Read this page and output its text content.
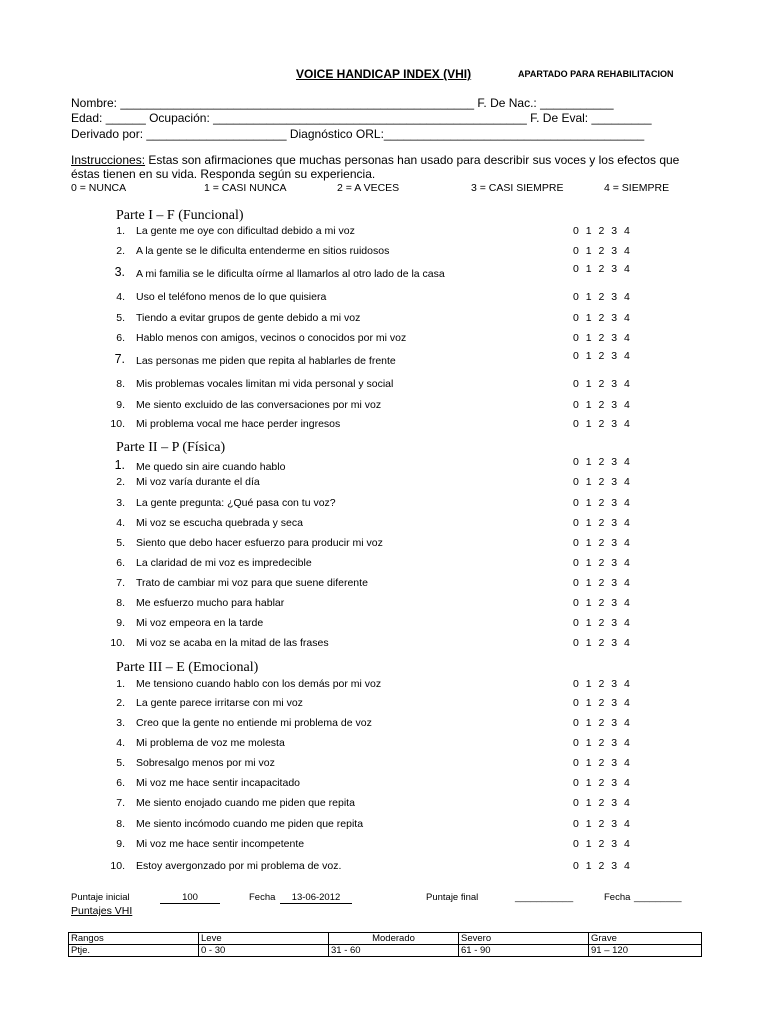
VOICE HANDICAP INDEX (VHI)	APARTADO PARA REHABILITACION
Nombre: _____________________________________________________ F. De Nac.: ___________
Edad: ______ Ocupación: _______________________________________________ F. De Eval: _________
Derivado por: _____________________ Diagnóstico ORL:_______________________________________
Instrucciones: Estas son afirmaciones que muchas personas han usado para describir sus voces y los efectos que éstas tienen en su vida. Responda según su experiencia.
0 = NUNCA	1 = CASI NUNCA	2 = A VECES	3 = CASI SIEMPRE	4 = SIEMPRE
Parte I – F (Funcional)
1. La gente me oye con dificultad debido a mi voz	0 1 2 3 4
2. A la gente se le dificulta entenderme en sitios ruidosos	0 1 2 3 4
3. A mi familia se le dificulta oírme al llamarlos al otro lado de la casa	0 1 2 3 4
4. Uso el teléfono menos de lo que quisiera	0 1 2 3 4
5. Tiendo a evitar grupos de gente debido a mi voz	0 1 2 3 4
6. Hablo menos con amigos, vecinos o conocidos por mi voz	0 1 2 3 4
7. Las personas me piden que repita al hablarles de frente	0 1 2 3 4
8. Mis problemas vocales limitan mi vida personal y social	0 1 2 3 4
9. Me siento excluido de las conversaciones por mi voz	0 1 2 3 4
10. Mi problema vocal me hace perder ingresos	0 1 2 3 4
Parte II – P (Física)
1. Me quedo sin aire cuando hablo	0 1 2 3 4
2. Mi voz varía durante el día	0 1 2 3 4
3. La gente pregunta: ¿Qué pasa con tu voz?	0 1 2 3 4
4. Mi voz se escucha quebrada y seca	0 1 2 3 4
5. Siento que debo hacer esfuerzo para producir mi voz	0 1 2 3 4
6. La claridad de mi voz es impredecible	0 1 2 3 4
7. Trato de cambiar mi voz para que suene diferente	0 1 2 3 4
8. Me esfuerzo mucho para hablar	0 1 2 3 4
9. Mi voz empeora en la tarde	0 1 2 3 4
10. Mi voz se acaba en la mitad de las frases	0 1 2 3 4
Parte III – E (Emocional)
1. Me tensiono cuando hablo con los demás por mi voz	0 1 2 3 4
2. La gente parece irritarse con mi voz	0 1 2 3 4
3. Creo que la gente no entiende mi problema de voz	0 1 2 3 4
4. Mi problema de voz me molesta	0 1 2 3 4
5. Sobresalgo menos por mi voz	0 1 2 3 4
6. Mi voz me hace sentir incapacitado	0 1 2 3 4
7. Me siento enojado cuando me piden que repita	0 1 2 3 4
8. Me siento incómodo cuando me piden que repita	0 1 2 3 4
9. Mi voz me hace sentir incompetente	0 1 2 3 4
10. Estoy avergonzado por mi problema de voz.	0 1 2 3 4
Puntaje inicial	100	Fecha	13-06-2012	Puntaje final	___________	Fecha _________
Puntajes VHI
Rangos	Leve	Moderado	Severo	Grave
Ptje.	0 - 30	31 - 60	61 - 90	91 – 120
